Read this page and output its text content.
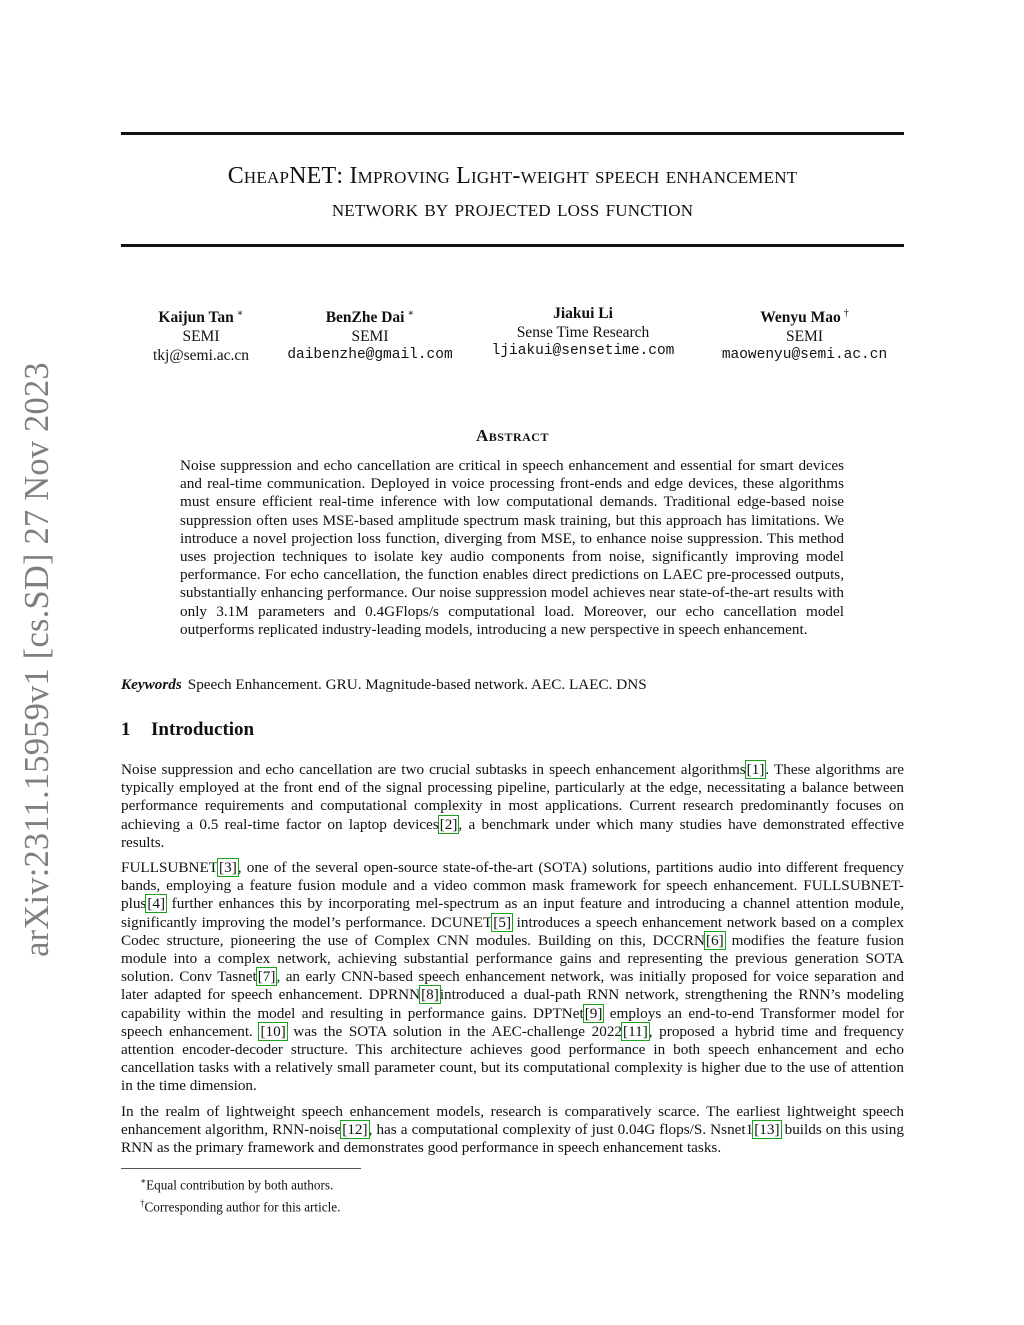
arXiv:2311.15959v1 [cs.SD] 27 Nov 2023
CheapNET: Improving Light-weight speech enhancement
network by projected loss function
Kaijun Tan ∗
SEMI
tkj@semi.ac.cn
BenZhe Dai ∗
SEMI
daibenzhe@gmail.com
Jiakui Li
Sense Time Research
ljiakui@sensetime.com
Wenyu Mao †
SEMI
maowenyu@semi.ac.cn
Abstract
Noise suppression and echo cancellation are critical in speech enhancement and essential for smart devices and real-time communication. Deployed in voice processing front-ends and edge devices, these algorithms must ensure efficient real-time inference with low computational demands. Traditional edge-based noise suppression often uses MSE-based amplitude spectrum mask training, but this approach has limitations. We introduce a novel projection loss function, diverging from MSE, to enhance noise suppression. This method uses projection techniques to isolate key audio components from noise, significantly improving model performance. For echo cancellation, the function enables direct predictions on LAEC pre-processed outputs, substantially enhancing performance. Our noise suppression model achieves near state-of-the-art results with only 3.1M parameters and 0.4GFlops/s computational load. Moreover, our echo cancellation model outperforms replicated industry-leading models, introducing a new perspective in speech enhancement.
Keywords Speech Enhancement. GRU. Magnitude-based network. AEC. LAEC. DNS
1 Introduction

Noise suppression and echo cancellation are two crucial subtasks in speech enhancement algorithms[1]. These algorithms are typically employed at the front end of the signal processing pipeline, particularly at the edge, necessitating a balance between performance requirements and computational complexity in most applications. Current research predominantly focuses on achieving a 0.5 real-time factor on laptop devices[2], a benchmark under which many studies have demonstrated effective results.

FULLSUBNET[3], one of the several open-source state-of-the-art (SOTA) solutions, partitions audio into different frequency bands, employing a feature fusion module and a video common mask framework for speech enhancement. FULLSUBNET-plus[4] further enhances this by incorporating mel-spectrum as an input feature and introducing a channel attention module, significantly improving the model’s performance. DCUNET[5] introduces a speech enhancement network based on a complex Codec structure, pioneering the use of Complex CNN modules. Building on this, DCCRN[6] modifies the feature fusion module into a complex network, achieving substantial performance gains and representing the previous generation SOTA solution. Conv Tasnet[7], an early CNN-based speech enhancement network, was initially proposed for voice separation and later adapted for speech enhancement. DPRNN[8]introduced a dual-path RNN network, strengthening the RNN’s modeling capability within the model and resulting in performance gains. DPTNet[9] employs an end-to-end Transformer model for speech enhancement. [10] was the SOTA solution in the AEC-challenge 2022[11], proposed a hybrid time and frequency attention encoder-decoder structure. This architecture achieves good performance in both speech enhancement and echo cancellation tasks with a relatively small parameter count, but its computational complexity is higher due to the use of attention in the time dimension.

In the realm of lightweight speech enhancement models, research is comparatively scarce. The earliest lightweight speech enhancement algorithm, RNN-noise[12], has a computational complexity of just 0.04G flops/S. Nsnet1[13] builds on this using RNN as the primary framework and demonstrates good performance in speech enhancement tasks.

∗Equal contribution by both authors.
†Corresponding author for this article.
